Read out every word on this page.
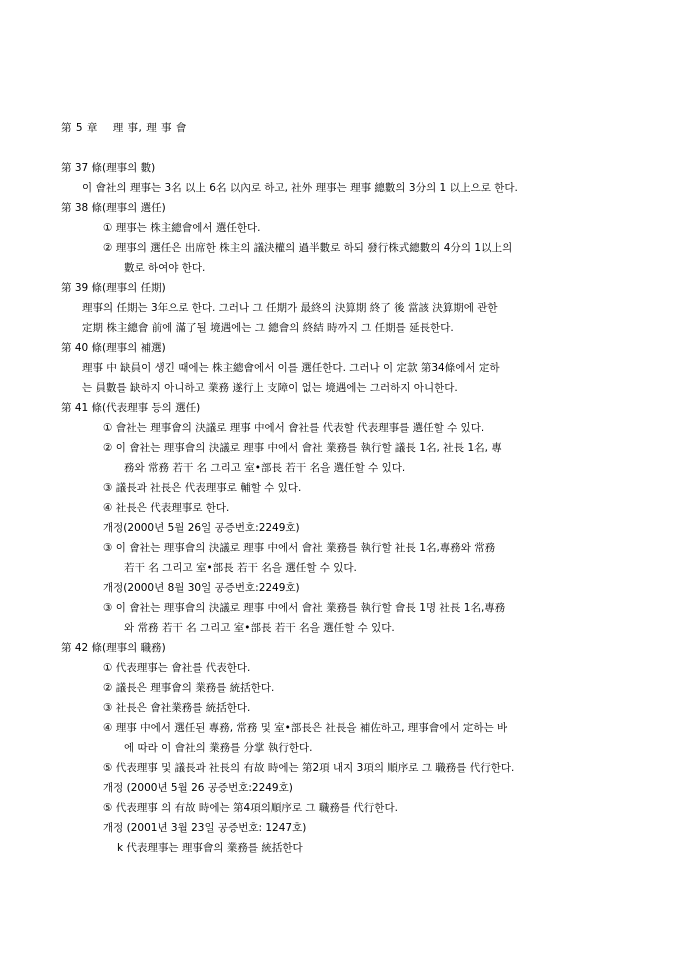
第 5 章 　理 事, 理 事 會
第 37 條(理事의 數)
이 會社의 理事는 3名 以上 6名 以內로 하고, 社外 理事는 理事 總數의 3分의 1 以上으로 한다.
第 38 條(理事의 選任)
① 理事는 株主總會에서 選任한다.
② 理事의 選任은 出席한 株主의 議決權의 過半數로 하되 發行株式總數의 4分의 1以上의
數로 하여야 한다.
第 39 條(理事의 任期)
理事의 任期는 3年으로 한다. 그러나 그 任期가 最終의 決算期 終了 後 當該 決算期에 관한
定期 株主總會 前에 滿了될 境遇에는 그 總會의 終結 時까지 그 任期를 延長한다.
第 40 條(理事의 補選)
理事 中 缺員이 생긴 때에는 株主總會에서 이를 選任한다. 그러나 이 定款 第34條에서 定하
는 員數를 缺하지 아니하고 業務 遂行上 支障이 없는 境遇에는 그러하지 아니한다.
第 41 條(代表理事 등의 選任)
① 會社는 理事會의 決議로 理事 中에서 會社를 代表할 代表理事를 選任할 수 있다.
② 이 會社는 理事會의 決議로 理事 中에서 會社 業務를 執行할 議長 1名, 社長 1名, 專
務와 常務 若干 名 그리고 室•部長 若干 名을 選任할 수 있다.
③ 議長과 社長은 代表理事로 輔할 수 있다.
④ 社長은 代表理事로 한다.
개정(2000년 5월 26일 공증번호:2249호)
③ 이 會社는 理事會의 決議로 理事 中에서 會社 業務를 執行할 社長 1名,專務와 常務
若干 名 그리고 室•部長 若干 名을 選任할 수 있다.
개정(2000년 8월 30일 공증번호:2249호)
③ 이 會社는 理事會의 決議로 理事 中에서 會社 業務를 執行할 會長 1명 社長 1名,專務
와 常務 若干 名 그리고 室•部長 若干 名을 選任할 수 있다.
第 42 條(理事의 職務)
① 代表理事는 會社를 代表한다.
② 議長은 理事會의 業務를 統括한다.
③ 社長은 會社業務를 統括한다.
④ 理事 中에서 選任된 專務, 常務 및 室•部長은 社長을 補佐하고, 理事會에서 定하는 바
에 따라 이 會社의 業務를 分掌 執行한다.
⑤ 代表理事 및 議長과 社長의 有故 時에는 第2項 내지 3項의 順序로 그 職務를 代行한다.
개정 (2000년 5월 26 공증번호:2249호)
⑤ 代表理事 의 有故 時에는 第4項의順序로 그 職務를 代行한다.
개정 (2001년 3월 23일 공증번호: 1247호)
k 代表理事는 理事會의 業務를 統括한다
